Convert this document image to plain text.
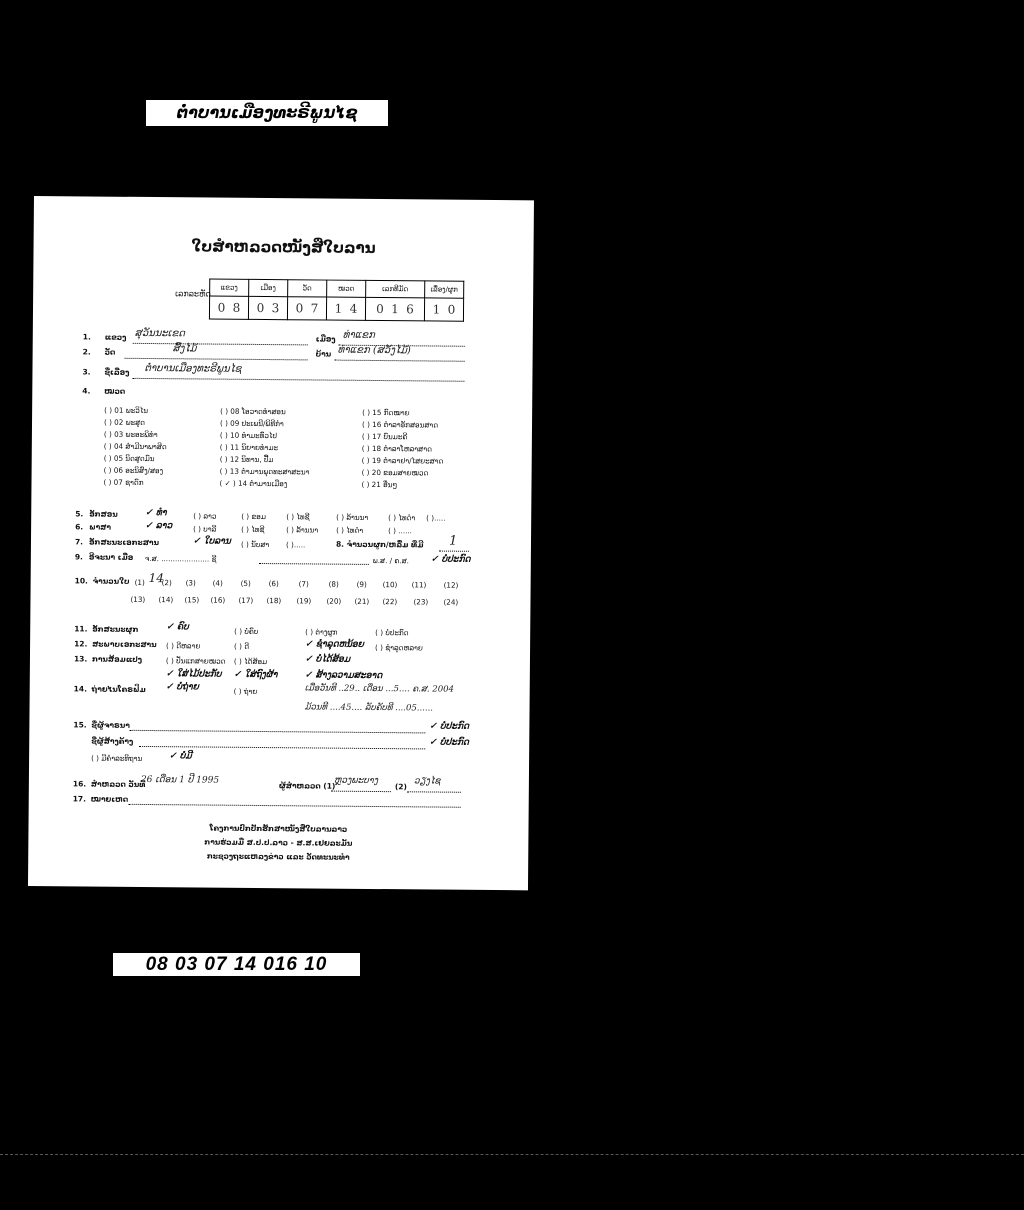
ຕໍ່າບານເມືອງທະຣີພູນໄຊ
ໃບສຳຫລວດໜັງສືໃບລານ
ເລກລະຫັດ
ແຂວງ	ເມືອງ	ວັດ	ໝວດ	ເລກທີມັດ	ເລື່ອງ/ຜູກ
0 8	0 3	0 7	1 4	0 1 6	1 0
1. ແຂວງ ສຸວັນນະເຂດ	ເມືອງ ທ່າແຂກ
2. ວັດ	ສົ້ງໄມ້	ບ້ານ ທ່າແຂກ (ສວ້ງໄມ້)
3. ຊື່ເລື່ອງ ຕໍ່າບານເມືອງທະຣີພູນໄຊ
4. ໝວດ
( ) 01 ພະວິໄນ
( ) 02 ພະສູດ
( ) 03 ພະອະພິທຳ
( ) 04 ສຳມີນາພາສິດ
( ) 05 ນິດສູດມົນ
( ) 06 ອະນິສົງ/ສອງ
( ) 07 ຊາດົກ
( ) 08 ໂອວາດທຳສອນ
( ) 09 ປະເພນີ/ພິທີກຳ
( ) 10 ທຳມະທົ່ວໄປ
( ) 11 ນິຍາຍທຳມະ
( ) 12 ນິທານ, ປື້ມ
( ) 13 ຕໍາມານພຸດທະສາສະນາ
( ✓ ) 14 ຕໍາມານເມືອງ
( ) 15 ກົດໝາຍ
( ) 16 ຕໍາລາອັກສອນສາດ
( ) 17 ບົນມະຄີ
( ) 18 ຕໍາລາໂຫລາສາດ
( ) 19 ຕໍາລາຢາ/ໄສຍະສາດ
( ) 20 ຂອມສາຍໝວດ
( ) 21 ອື່ນໆ
5. ອັກສອນ	✓ ທຳ	( ) ລາວ	( ) ຂອມ	( ) ໄທຊີ	( ) ລ້ານນາ	( ) ໄທດຳ ( ).....
6. ພາສາ	✓ ລາວ	( ) ບາລີ	( ) ໄທຊີ	( ) ລ້ານນາ ( ) ໄທດຳ	( ) ......
7. ອັກສະນະເອກະສານ	✓ ໃບລານ ( ) ນັບສາ ( ).....	8. ຈຳນວນຜູກ/ຫລື້ມ ທີ່ມີ 1
9. ອີຈະນາ ເມື່ອ ຈ.ສ. ..................... ຊີ	ພ.ສ. / ຄ.ສ. ✓ ບໍ່ປະກົດ
10. ຈຳນວນໃບ 14
(1) (2) (3) (4) (5) (6)	(7)	(8) (9) (10) (11) (12)
(13) (14) (15) (16) (17) (18) (19) (20) (21) (22) (23) (24)
11. ອັກສະນະຜູກ	✓ ຄົບ	( ) ບໍ່ຄົບ	( ) ຕ່າງຜູກ	( ) ບໍ່ປະກົດ
12. ສະພາບເອກະສານ ( ) ດີຫລາຍ	( ) ດີ	✓ ຊຳລຸດຫນ້ອຍ ( ) ຊຳລຸດຫລາຍ
13. ການສ້ອມແປງ	( ) ປັ່ນແກສາຍໝວດ ( ) ໄດ້ສ້ອມ	✓ ບໍ່ໄດ້ສ້ອມ
✓ ໃສ່ໄມ້ປະກັບ ✓ ໃສ່ຖົງຜ້າ	✓ ສ້າງລວາມສະອາດ
14. ຖ່າຍໄນໂຄຣຟິມ ✓ ບໍ່ຖ່າຍ	( ) ຖ່າຍ	ເມື່ອວັນທີ ..29.. ເດືອນ ...5.... ຄ.ສ. 2004
ມ້ວນທີ ....45.... ລັບຄັບທີ ....05......
15. ຊື່ຜູ້ຈາຣນາ	✓ ບໍ່ປະກົດ
ຊື່ຜູ້ສ້າງຄ້າງ	✓ ບໍ່ປະກົດ
( ) ມີຄຳລະທິຖານ	✓ ບໍ່ມີ
16. ສຳຫລວດ ວັນທີ
26 ເດືອນ 1 ປີ 1995
ຜູ້ສຳຫລວດ (1)
ຫຼວງພະບາງ
(2)
ວຽງໄຊ
17. ໝາຍເຫດ
ໂຄງການປົກປັກຮັກສາໜັງສືໃບລານລາວ
ການຮ່ວມມື ສ.ປ.ປ.ລາວ - ສ.ສ.ເຢຍລະມັນ
ກະຊວງຖະແຫລງຂ່າວ ແລະ ວັດທະນະທຳ
08 03 07 14 016 10
